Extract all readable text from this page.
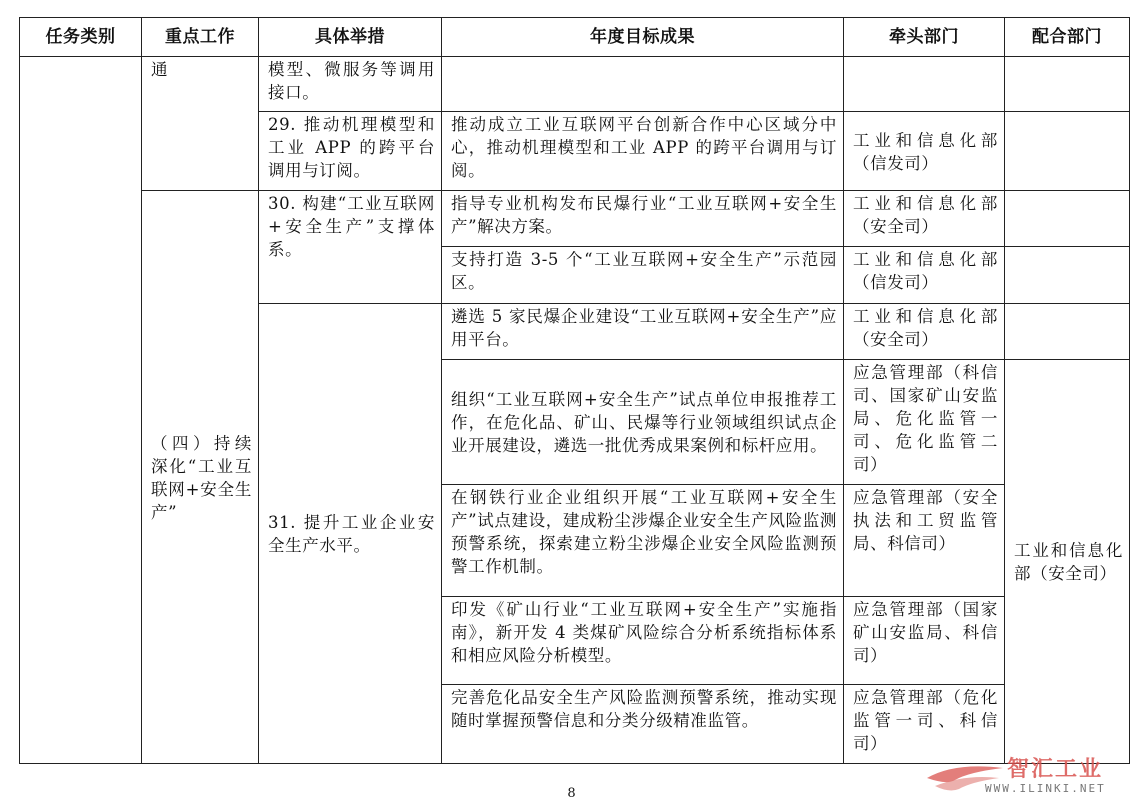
任务类别	重点工作	具体举措	年度目标成果	牵头部门	配合部门
	通	模型、微服务等调用接口。			
		29. 推动机理模型和工业 APP 的跨平台调用与订阅。	推动成立工业互联网平台创新合作中心区域分中心，推动机理模型和工业 APP 的跨平台调用与订阅。	工业和信息化部（信发司）	
	（四）持续深化“工业互联网+安全生产”	30. 构建“工业互联网+安全生产”支撑体系。	指导专业机构发布民爆行业“工业互联网+安全生产”解决方案。	工业和信息化部（安全司）	
			支持打造 3-5 个“工业互联网+安全生产”示范园区。	工业和信息化部（信发司）	
		31. 提升工业企业安全生产水平。	遴选 5 家民爆企业建设“工业互联网+安全生产”应用平台。	工业和信息化部（安全司）	
			组织“工业互联网+安全生产”试点单位申报推荐工作，在危化品、矿山、民爆等行业领域组织试点企业开展建设，遴选一批优秀成果案例和标杆应用。	应急管理部（科信司、国家矿山安监局、危化监管一司、危化监管二司）	工业和信息化部（安全司）
			在钢铁行业企业组织开展“工业互联网+安全生产”试点建设，建成粉尘涉爆企业安全生产风险监测预警系统，探索建立粉尘涉爆企业安全风险监测预警工作机制。	应急管理部（安全执法和工贸监管局、科信司）	
			印发《矿山行业“工业互联网+安全生产”实施指南》，新开发 4 类煤矿风险综合分析系统指标体系和相应风险分析模型。	应急管理部（国家矿山安监局、科信司）	
			完善危化品安全生产风险监测预警系统，推动实现随时掌握预警信息和分类分级精准监管。	应急管理部（危化监管一司、科信司）	
8
智汇工业
WWW.ILINKI.NET
